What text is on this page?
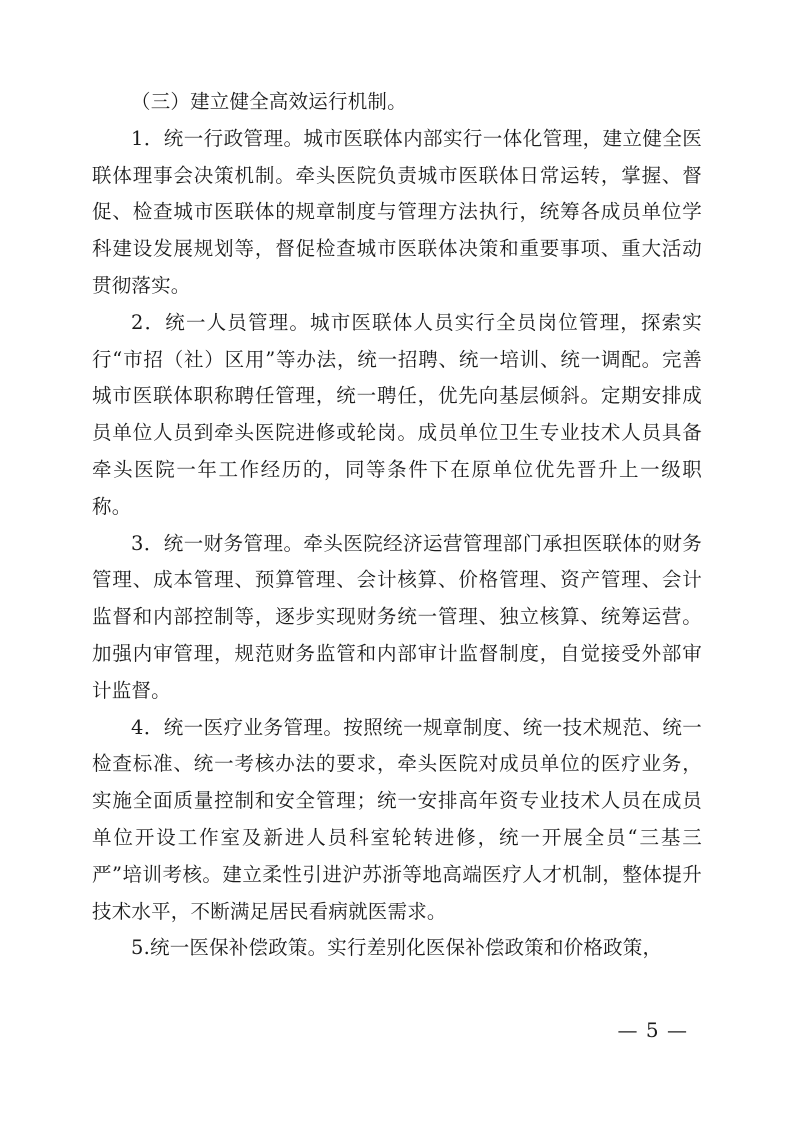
（三）建立健全高效运行机制。

1．统一行政管理。城市医联体内部实行一体化管理，建立健全医联体理事会决策机制。牵头医院负责城市医联体日常运转，掌握、督促、检查城市医联体的规章制度与管理方法执行，统筹各成员单位学科建设发展规划等，督促检查城市医联体决策和重要事项、重大活动贯彻落实。

2．统一人员管理。城市医联体人员实行全员岗位管理，探索实行“市招（社）区用”等办法，统一招聘、统一培训、统一调配。完善城市医联体职称聘任管理，统一聘任，优先向基层倾斜。定期安排成员单位人员到牵头医院进修或轮岗。成员单位卫生专业技术人员具备牵头医院一年工作经历的，同等条件下在原单位优先晋升上一级职称。

3．统一财务管理。牵头医院经济运营管理部门承担医联体的财务管理、成本管理、预算管理、会计核算、价格管理、资产管理、会计监督和内部控制等，逐步实现财务统一管理、独立核算、统筹运营。加强内审管理，规范财务监管和内部审计监督制度，自觉接受外部审计监督。

4．统一医疗业务管理。按照统一规章制度、统一技术规范、统一检查标准、统一考核办法的要求，牵头医院对成员单位的医疗业务，实施全面质量控制和安全管理；统一安排高年资专业技术人员在成员单位开设工作室及新进人员科室轮转进修，统一开展全员“三基三严”培训考核。建立柔性引进沪苏浙等地高端医疗人才机制，整体提升技术水平，不断满足居民看病就医需求。

5.统一医保补偿政策。实行差别化医保补偿政策和价格政策，

— 5 —
